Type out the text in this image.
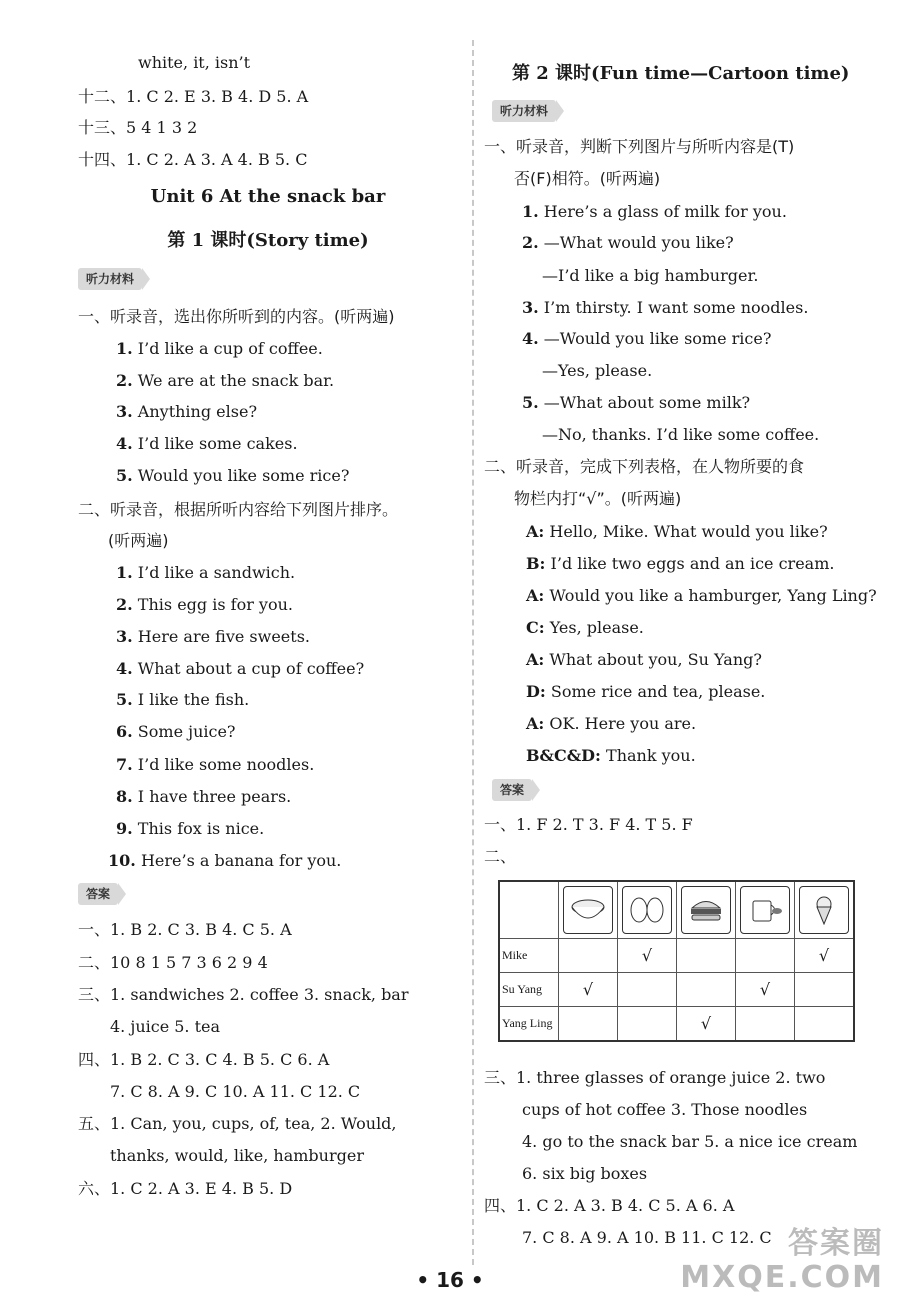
white, it, isn’t
十二、1. C 2. E 3. B 4. D 5. A
十三、5 4 1 3 2
十四、1. C 2. A 3. A 4. B 5. C
Unit 6 At the snack bar
第 1 课时(Story time)
听力材料
一、听录音，选出你所听到的内容。(听两遍)
1. I’d like a cup of coffee.
2. We are at the snack bar.
3. Anything else?
4. I’d like some cakes.
5. Would you like some rice?
二、听录音，根据所听内容给下列图片排序。
(听两遍)
1. I’d like a sandwich.
2. This egg is for you.
3. Here are five sweets.
4. What about a cup of coffee?
5. I like the fish.
6. Some juice?
7. I’d like some noodles.
8. I have three pears.
9. This fox is nice.
10. Here’s a banana for you.
答案
一、1. B 2. C 3. B 4. C 5. A
二、10 8 1 5 7 3 6 2 9 4
三、1. sandwiches 2. coffee 3. snack, bar
4. juice 5. tea
四、1. B 2. C 3. C 4. B 5. C 6. A
7. C 8. A 9. C 10. A 11. C 12. C
五、1. Can, you, cups, of, tea, 2. Would,
thanks, would, like, hamburger
六、1. C 2. A 3. E 4. B 5. D
第 2 课时(Fun time—Cartoon time)
听力材料
一、听录音，判断下列图片与所听内容是(T)
否(F)相符。(听两遍)
1. Here’s a glass of milk for you.
2. —What would you like?
—I’d like a big hamburger.
3. I’m thirsty. I want some noodles.
4. —Would you like some rice?
—Yes, please.
5. —What about some milk?
—No, thanks. I’d like some coffee.
二、听录音，完成下列表格，在人物所要的食
物栏内打“√”。(听两遍)
A: Hello, Mike. What would you like?
B: I’d like two eggs and an ice cream.
A: Would you like a hamburger, Yang Ling?
C: Yes, please.
A: What about you, Su Yang?
D: Some rice and tea, please.
A: OK. Here you are.
B&C&D: Thank you.
答案
一、1. F 2. T 3. F 4. T 5. F
二、

Mike		√			√
Su Yang	√			√	
Yang Ling			√		
三、1. three glasses of orange juice 2. two
cups of hot coffee 3. Those noodles
4. go to the snack bar 5. a nice ice cream
6. six big boxes
四、1. C 2. A 3. B 4. C 5. A 6. A
7. C 8. A 9. A 10. B 11. C 12. C
• 16 •
答案圈
MXQE.COM
